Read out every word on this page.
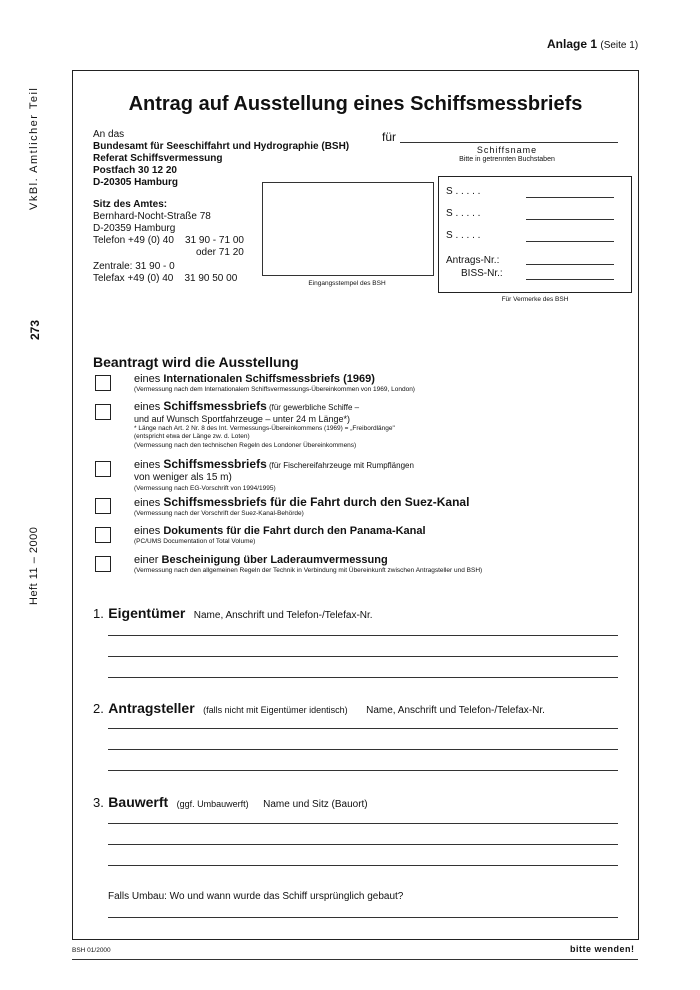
VkBl. Amtlicher Teil
273
Heft 11 – 2000
Anlage 1 (Seite 1)
Antrag auf Ausstellung eines Schiffsmessbriefs
An das
Bundesamt für Seeschiffahrt und Hydrographie (BSH)
Referat Schiffsvermessung
Postfach 30 12 20
D-20305 Hamburg
Sitz des Amtes:
Bernhard-Nocht-Straße 78
D-20359 Hamburg
Telefon +49 (0) 40    31 90 - 71 00
oder 71 20
Zentrale: 31 90 - 0
Telefax +49 (0) 40    31 90 50 00
für
Schiffsname
Bitte in getrennten Buchstaben
Eingangsstempel des BSH
S . . . . .
S . . . . .
S . . . . .
Antrags-Nr.:
BISS-Nr.:
Für Vermerke des BSH
Beantragt wird die Ausstellung
eines Internationalen Schiffsmessbriefs (1969)
(Vermessung nach dem Internationalem Schiffsvermessungs-Übereinkommen von 1969, London)
eines Schiffsmessbriefs (für gewerbliche Schiffe –
und auf Wunsch Sportfahrzeuge – unter 24 m Länge*)
* Länge nach Art. 2 Nr. 8 des Int. Vermessungs-Übereinkommens (1969) = „Freibordlänge"
(entspricht etwa der Länge zw. d. Loten)
(Vermessung nach den technischen Regeln des Londoner Übereinkommens)
eines Schiffsmessbriefs (für Fischereifahrzeuge mit Rumpflängen
von weniger als 15 m)
(Vermessung nach EG-Vorschrift von 1994/1995)
eines Schiffsmessbriefs für die Fahrt durch den Suez-Kanal
(Vermessung nach der Vorschrift der Suez-Kanal-Behörde)
eines Dokuments für die Fahrt durch den Panama-Kanal
(PC/UMS Documentation of Total Volume)
einer Bescheinigung über Laderaumvermessung
(Vermessung nach den allgemeinen Regeln der Technik in Verbindung mit Übereinkunft zwischen Antragsteller und BSH)
1. Eigentümer Name, Anschrift und Telefon-/Telefax-Nr.
2. Antragsteller (falls nicht mit Eigentümer identisch) Name, Anschrift und Telefon-/Telefax-Nr.
3. Bauwerft (ggf. Umbauwerft) Name und Sitz (Bauort)
Falls Umbau: Wo und wann wurde das Schiff ursprünglich gebaut?
BSH 01/2000	bitte wenden!
